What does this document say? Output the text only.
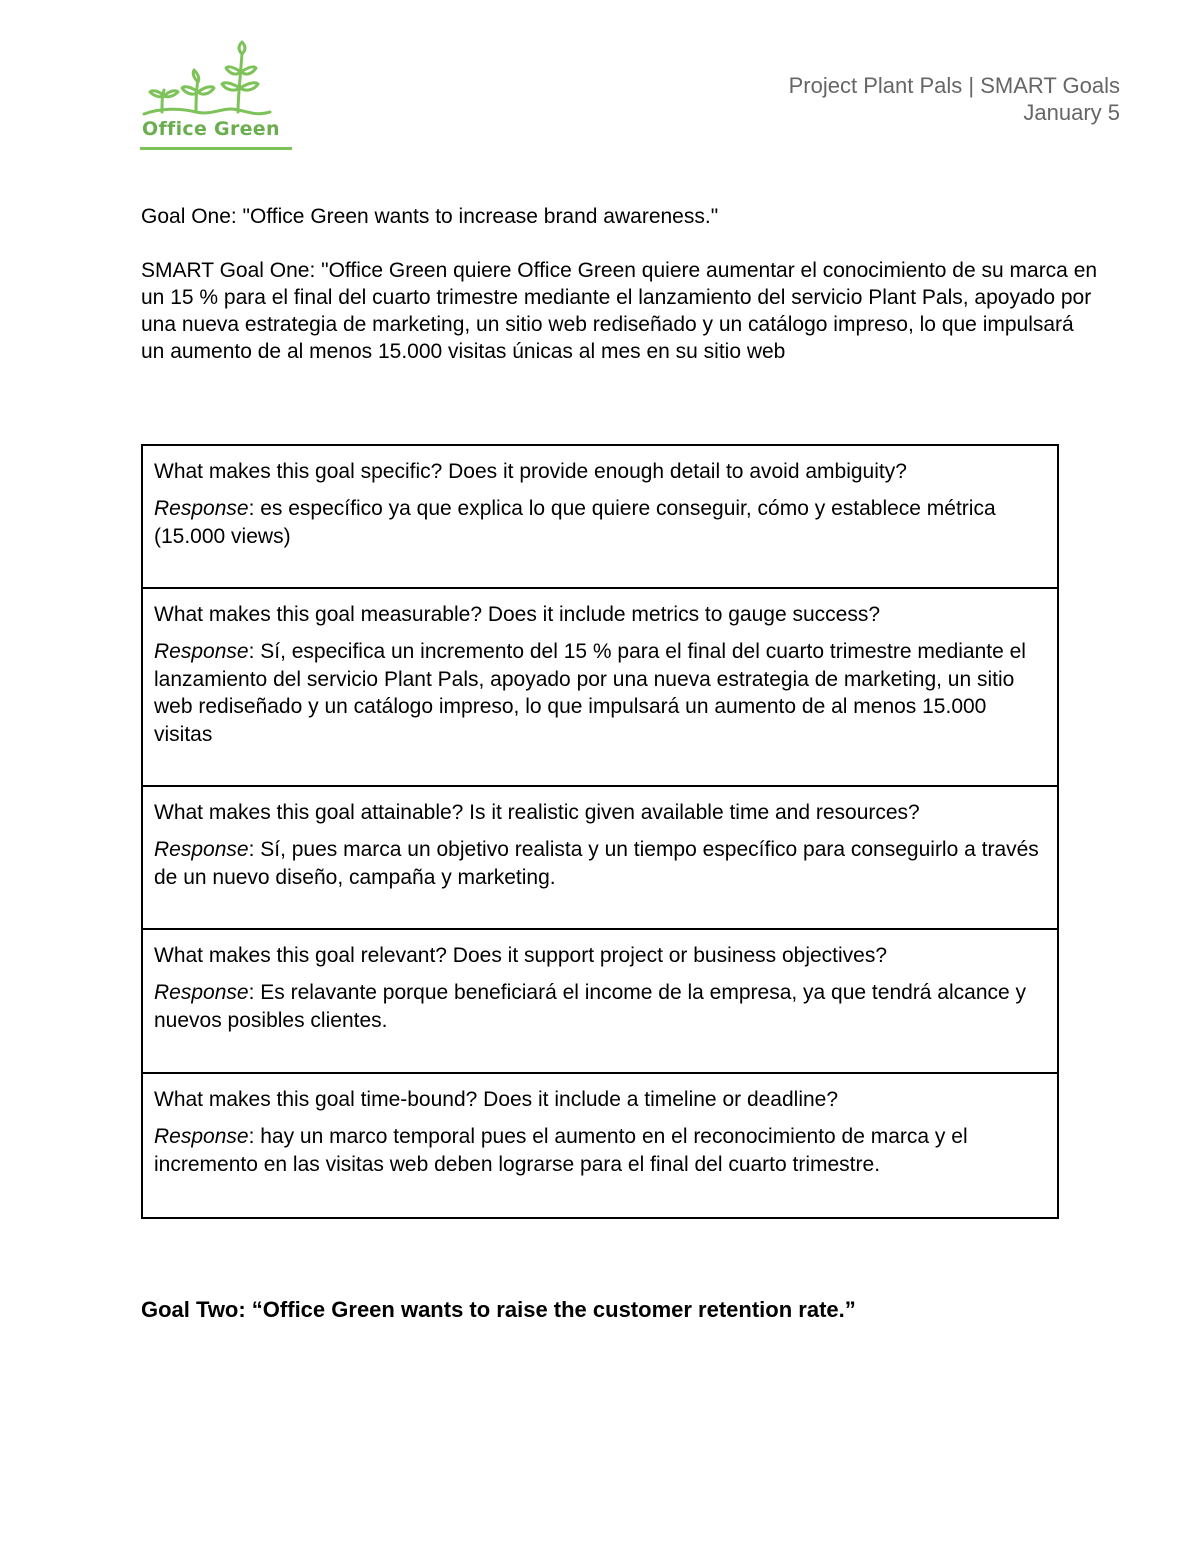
Office Green
Project Plant Pals | SMART Goals
January 5
Goal One: "Office Green wants to increase brand awareness."
SMART Goal One: "Office Green quiere Office Green quiere aumentar el conocimiento de su marca en un 15 % para el final del cuarto trimestre mediante el lanzamiento del servicio Plant Pals, apoyado por una nueva estrategia de marketing, un sitio web rediseñado y un catálogo impreso, lo que impulsará un aumento de al menos 15.000 visitas únicas al mes en su sitio web

What makes this goal specific? Does it provide enough detail to avoid ambiguity?

Response: es específico ya que explica lo que quiere conseguir, cómo y establece métrica (15.000 views)

What makes this goal measurable? Does it include metrics to gauge success?

Response: Sí, especifica un incremento del 15 % para el final del cuarto trimestre mediante el lanzamiento del servicio Plant Pals, apoyado por una nueva estrategia de marketing, un sitio web rediseñado y un catálogo impreso, lo que impulsará un aumento de al menos 15.000 visitas

What makes this goal attainable? Is it realistic given available time and resources?

Response: Sí, pues marca un objetivo realista y un tiempo específico para conseguirlo a través de un nuevo diseño, campaña y marketing.

What makes this goal relevant? Does it support project or business objectives?

Response: Es relavante porque beneficiará el income de la empresa, ya que tendrá alcance y nuevos posibles clientes.

What makes this goal time-bound? Does it include a timeline or deadline?

Response: hay un marco temporal pues el aumento en el reconocimiento de marca y el incremento en las visitas web deben lograrse para el final del cuarto trimestre.

Goal Two: “Office Green wants to raise the customer retention rate.”
